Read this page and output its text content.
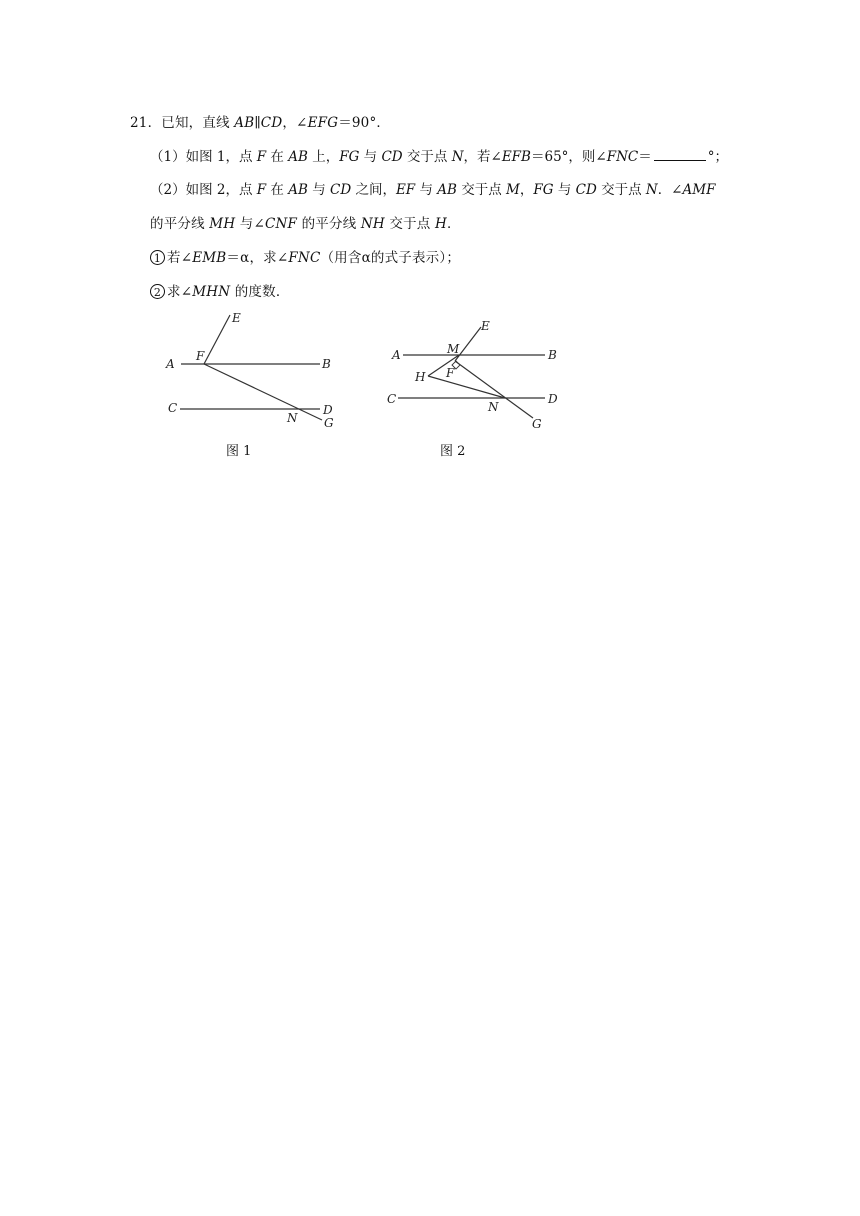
21．已知，直线 AB∥CD，∠EFG＝90°．
（1）如图 1，点 F 在 AB 上，FG 与 CD 交于点 N，若∠EFB＝65°，则∠FNC＝	°；
（2）如图 2，点 F 在 AB 与 CD 之间，EF 与 AB 交于点 M，FG 与 CD 交于点 N．∠AMF
的平分线 MH 与∠CNF 的平分线 NH 交于点 H．
1 若∠EMB＝α，求∠FNC（用含α的式子表示）；
2 求∠MHN 的度数．
A	B
C	D
E
F
N G
图 1
A	B
C	D
E
F
M
N
H
G
图 2
